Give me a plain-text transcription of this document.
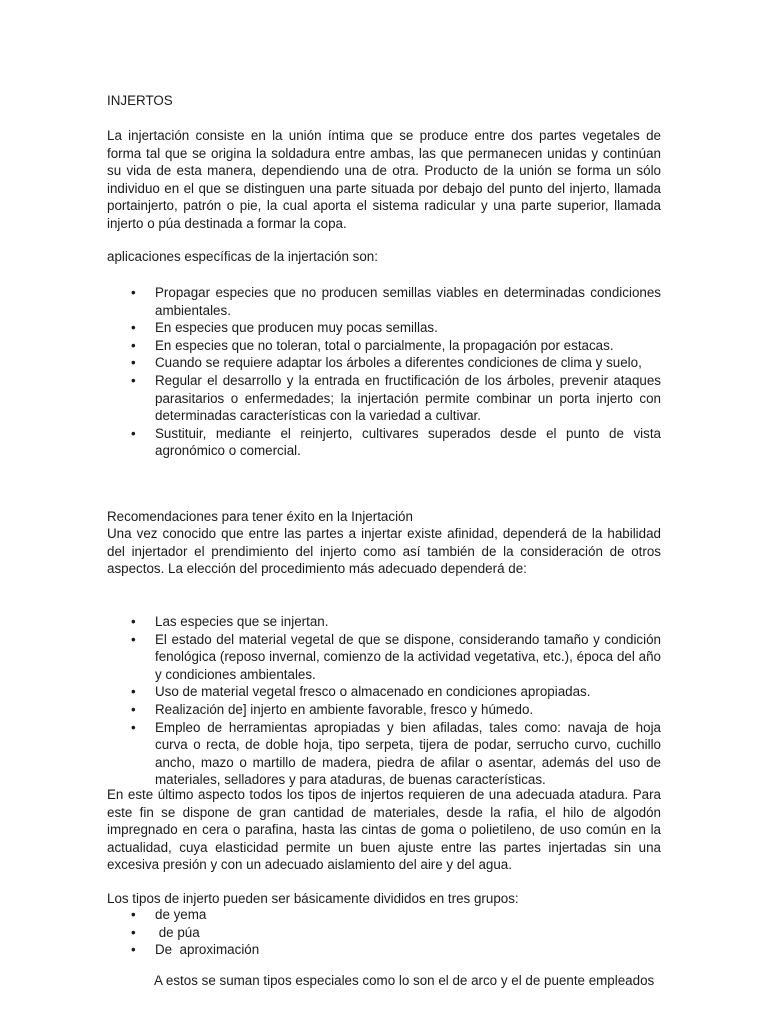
INJERTOS

La injertación consiste en la unión íntima que se produce entre dos partes vegetales de forma tal que se origina la soldadura entre ambas, las que permanecen unidas y continúan su vida de esta manera, dependiendo una de otra. Producto de la unión se forma un sólo individuo en el que se distinguen una parte situada por debajo del punto del injerto, llamada portainjerto, patrón o pie, la cual aporta el sistema radicular y una parte superior, llamada injerto o púa destinada a formar la copa.

aplicaciones específicas de la injertación son:

• Propagar especies que no producen semillas viables en determinadas condiciones ambientales.
• En especies que producen muy pocas semillas.
• En especies que no toleran, total o parcialmente, la propagación por estacas.
• Cuando se requiere adaptar los árboles a diferentes condiciones de clima y suelo,
• Regular el desarrollo y la entrada en fructificación de los árboles, prevenir ataques parasitarios o enfermedades; la injertación permite combinar un porta injerto con determinadas características con la variedad a cultivar.
• Sustituir, mediante el reinjerto, cultivares superados desde el punto de vista agronómico o comercial.

Recomendaciones para tener éxito en la Injertación

Una vez conocido que entre las partes a injertar existe afinidad, dependerá de la habilidad del injertador el prendimiento del injerto como así también de la consideración de otros aspectos. La elección del procedimiento más adecuado dependerá de:

• Las especies que se injertan.
• El estado del material vegetal de que se dispone, considerando tamaño y condición fenológica (reposo invernal, comienzo de la actividad vegetativa, etc.), época del año y condiciones ambientales.
• Uso de material vegetal fresco o almacenado en condiciones apropiadas.
• Realización de] injerto en ambiente favorable, fresco y húmedo.
• Empleo de herramientas apropiadas y bien afiladas, tales como: navaja de hoja curva o recta, de doble hoja, tipo serpeta, tijera de podar, serrucho curvo, cuchillo ancho, mazo o martillo de madera, piedra de afilar o asentar, además del uso de materiales, selladores y para ataduras, de buenas características.

En este último aspecto todos los tipos de injertos requieren de una adecuada atadura. Para este fin se dispone de gran cantidad de materiales, desde la rafia, el hilo de algodón impregnado en cera o parafina, hasta las cintas de goma o polietileno, de uso común en la actualidad, cuya elasticidad permite un buen ajuste entre las partes injertadas sin una excesiva presión y con un adecuado aislamiento del aire y del agua.

Los tipos de injerto pueden ser básicamente divididos en tres grupos:

• de yema
•  de púa
• De  aproximación

A estos se suman tipos especiales como lo son el de arco y el de puente empleados
